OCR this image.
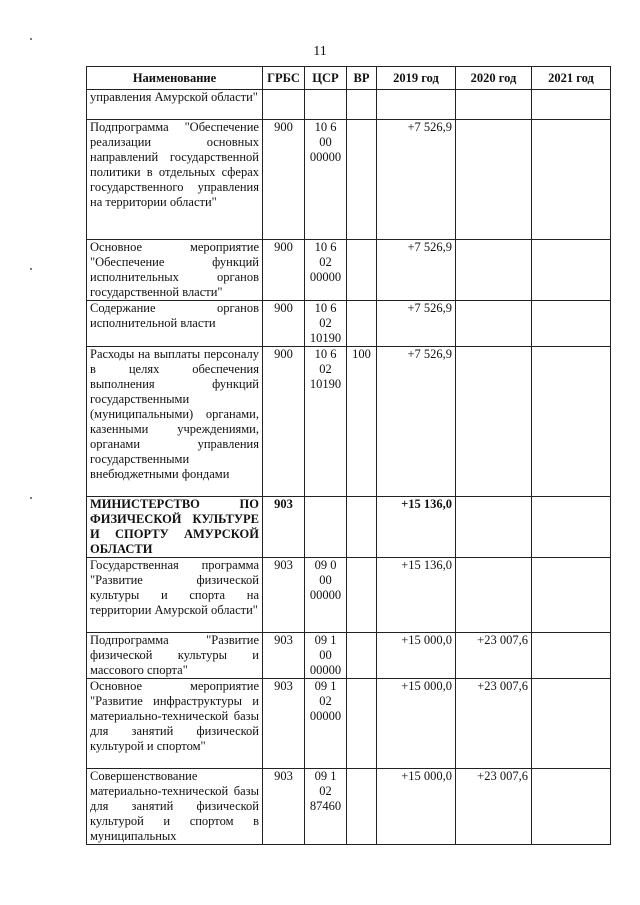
11
Наименование	ГРБС	ЦСР	ВР	2019 год	2020 год	2021 год
управления Амурской области"						
Подпрограмма "Обеспечение реализации основных направлений государственной политики в отдельных сферах государственного управления на территории области"	900	10 6 00 00000		+7 526,9		
Основное мероприятие "Обеспечение функций исполнительных органов государственной власти"	900	10 6 02 00000		+7 526,9		
Содержание органов исполнительной власти	900	10 6 02 10190		+7 526,9		
Расходы на выплаты персоналу в целях обеспечения выполнения функций государственными (муниципальными) органами, казенными учреждениями, органами управления государственными внебюджетными фондами	900	10 6 02 10190	100	+7 526,9		
МИНИСТЕРСТВО ПО ФИЗИЧЕСКОЙ КУЛЬТУРЕ И СПОРТУ АМУРСКОЙ ОБЛАСТИ	903			+15 136,0		
Государственная программа "Развитие физической культуры и спорта на территории Амурской области"	903	09 0 00 00000		+15 136,0		
Подпрограмма "Развитие физической культуры и массового спорта"	903	09 1 00 00000		+15 000,0	+23 007,6	
Основное мероприятие "Развитие инфраструктуры и материально-технической базы для занятий физической культурой и спортом"	903	09 1 02 00000		+15 000,0	+23 007,6	
Совершенствование материально-технической базы для занятий физической культурой и спортом в муниципальных	903	09 1 02 87460		+15 000,0	+23 007,6	
